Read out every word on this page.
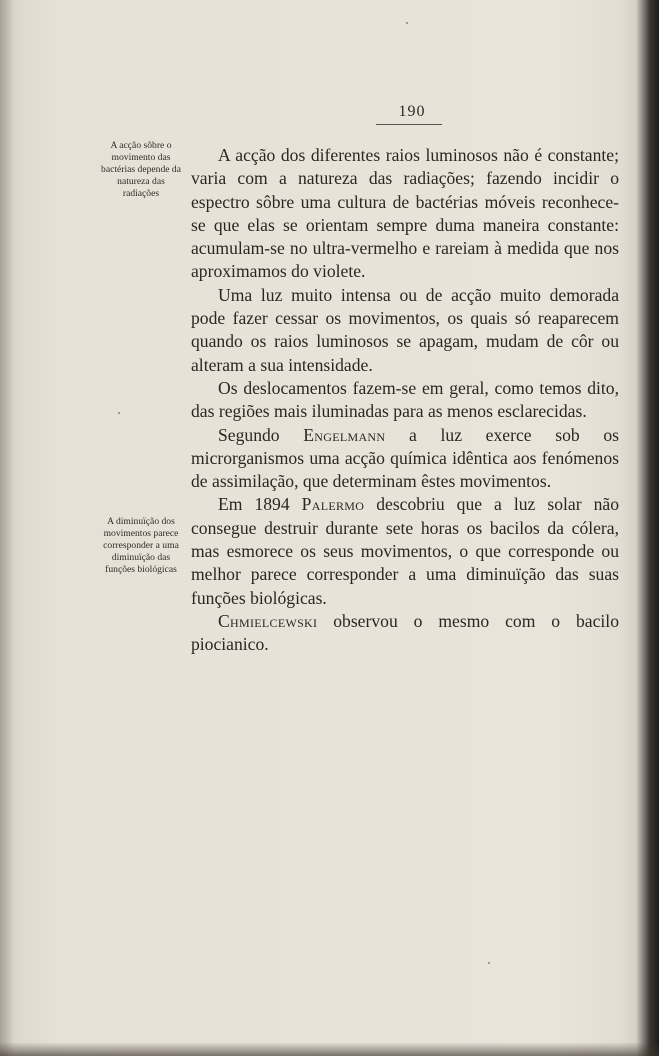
190
A acção sôbre o movimento das bactérias depende da natureza das radiações
A diminuïção dos movimentos parece corresponder a uma diminuïção das funções biológicas

A acção dos diferentes raios luminosos não é constante; varia com a natureza das radiações; fazendo incidir o espectro sôbre uma cultura de bactérias móveis reconhece-se que elas se orientam sempre duma maneira constante: acumulam-se no ultra-vermelho e rareiam à medida que nos aproximamos do violete.

Uma luz muito intensa ou de acção muito demorada pode fazer cessar os movimentos, os quais só reaparecem quando os raios luminosos se apagam, mudam de côr ou alteram a sua intensidade.

Os deslocamentos fazem-se em geral, como temos dito, das regiões mais iluminadas para as menos esclarecidas.

Segundo Engelmann a luz exerce sob os microrganismos uma acção química idêntica aos fenómenos de assimilação, que determinam êstes movimentos.

Em 1894 Palermo descobriu que a luz solar não consegue destruir durante sete horas os bacilos da cólera, mas esmorece os seus movimentos, o que corresponde ou melhor parece corresponder a uma diminuïção das suas funções biológicas.

Chmielcewski observou o mesmo com o bacilo piocianico.
